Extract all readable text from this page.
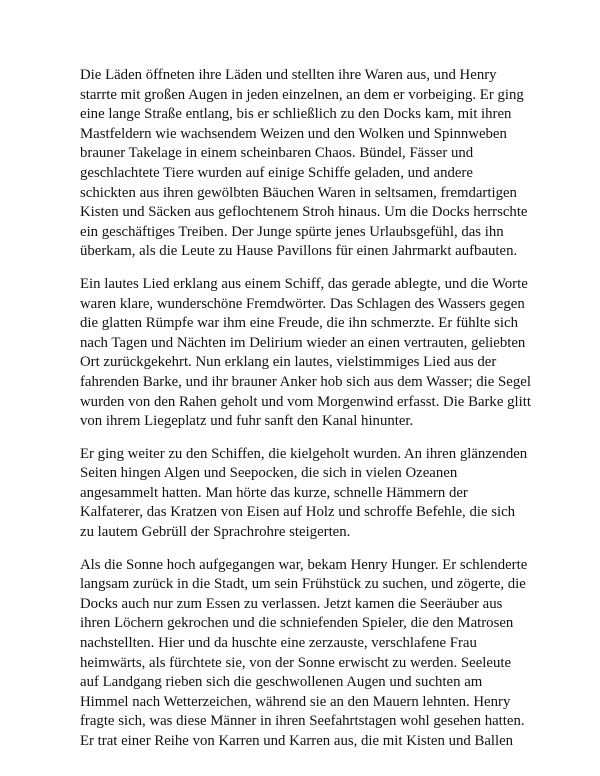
Die Läden öffneten ihre Läden und stellten ihre Waren aus, und Henry
starrte mit großen Augen in jeden einzelnen, an dem er vorbeiging. Er ging
eine lange Straße entlang, bis er schließlich zu den Docks kam, mit ihren
Mastfeldern wie wachsendem Weizen und den Wolken und Spinnweben
brauner Takelage in einem scheinbaren Chaos. Bündel, Fässer und
geschlachtete Tiere wurden auf einige Schiffe geladen, und andere
schickten aus ihren gewölbten Bäuchen Waren in seltsamen, fremdartigen
Kisten und Säcken aus geflochtenem Stroh hinaus. Um die Docks herrschte
ein geschäftiges Treiben. Der Junge spürte jenes Urlaubsgefühl, das ihn
überkam, als die Leute zu Hause Pavillons für einen Jahrmarkt aufbauten.

Ein lautes Lied erklang aus einem Schiff, das gerade ablegte, und die Worte
waren klare, wunderschöne Fremdwörter. Das Schlagen des Wassers gegen
die glatten Rümpfe war ihm eine Freude, die ihn schmerzte. Er fühlte sich
nach Tagen und Nächten im Delirium wieder an einen vertrauten, geliebten
Ort zurückgekehrt. Nun erklang ein lautes, vielstimmiges Lied aus der
fahrenden Barke, und ihr brauner Anker hob sich aus dem Wasser; die Segel
wurden von den Rahen geholt und vom Morgenwind erfasst. Die Barke glitt
von ihrem Liegeplatz und fuhr sanft den Kanal hinunter.

Er ging weiter zu den Schiffen, die kielgeholt wurden. An ihren glänzenden
Seiten hingen Algen und Seepocken, die sich in vielen Ozeanen
angesammelt hatten. Man hörte das kurze, schnelle Hämmern der
Kalfaterer, das Kratzen von Eisen auf Holz und schroffe Befehle, die sich
zu lautem Gebrüll der Sprachrohre steigerten.

Als die Sonne hoch aufgegangen war, bekam Henry Hunger. Er schlenderte
langsam zurück in die Stadt, um sein Frühstück zu suchen, und zögerte, die
Docks auch nur zum Essen zu verlassen. Jetzt kamen die Seeräuber aus
ihren Löchern gekrochen und die schniefenden Spieler, die den Matrosen
nachstellten. Hier und da huschte eine zerzauste, verschlafene Frau
heimwärts, als fürchtete sie, von der Sonne erwischt zu werden. Seeleute
auf Landgang rieben sich die geschwollenen Augen und suchten am
Himmel nach Wetterzeichen, während sie an den Mauern lehnten. Henry
fragte sich, was diese Männer in ihren Seefahrtstagen wohl gesehen hatten.
Er trat einer Reihe von Karren und Karren aus, die mit Kisten und Ballen
